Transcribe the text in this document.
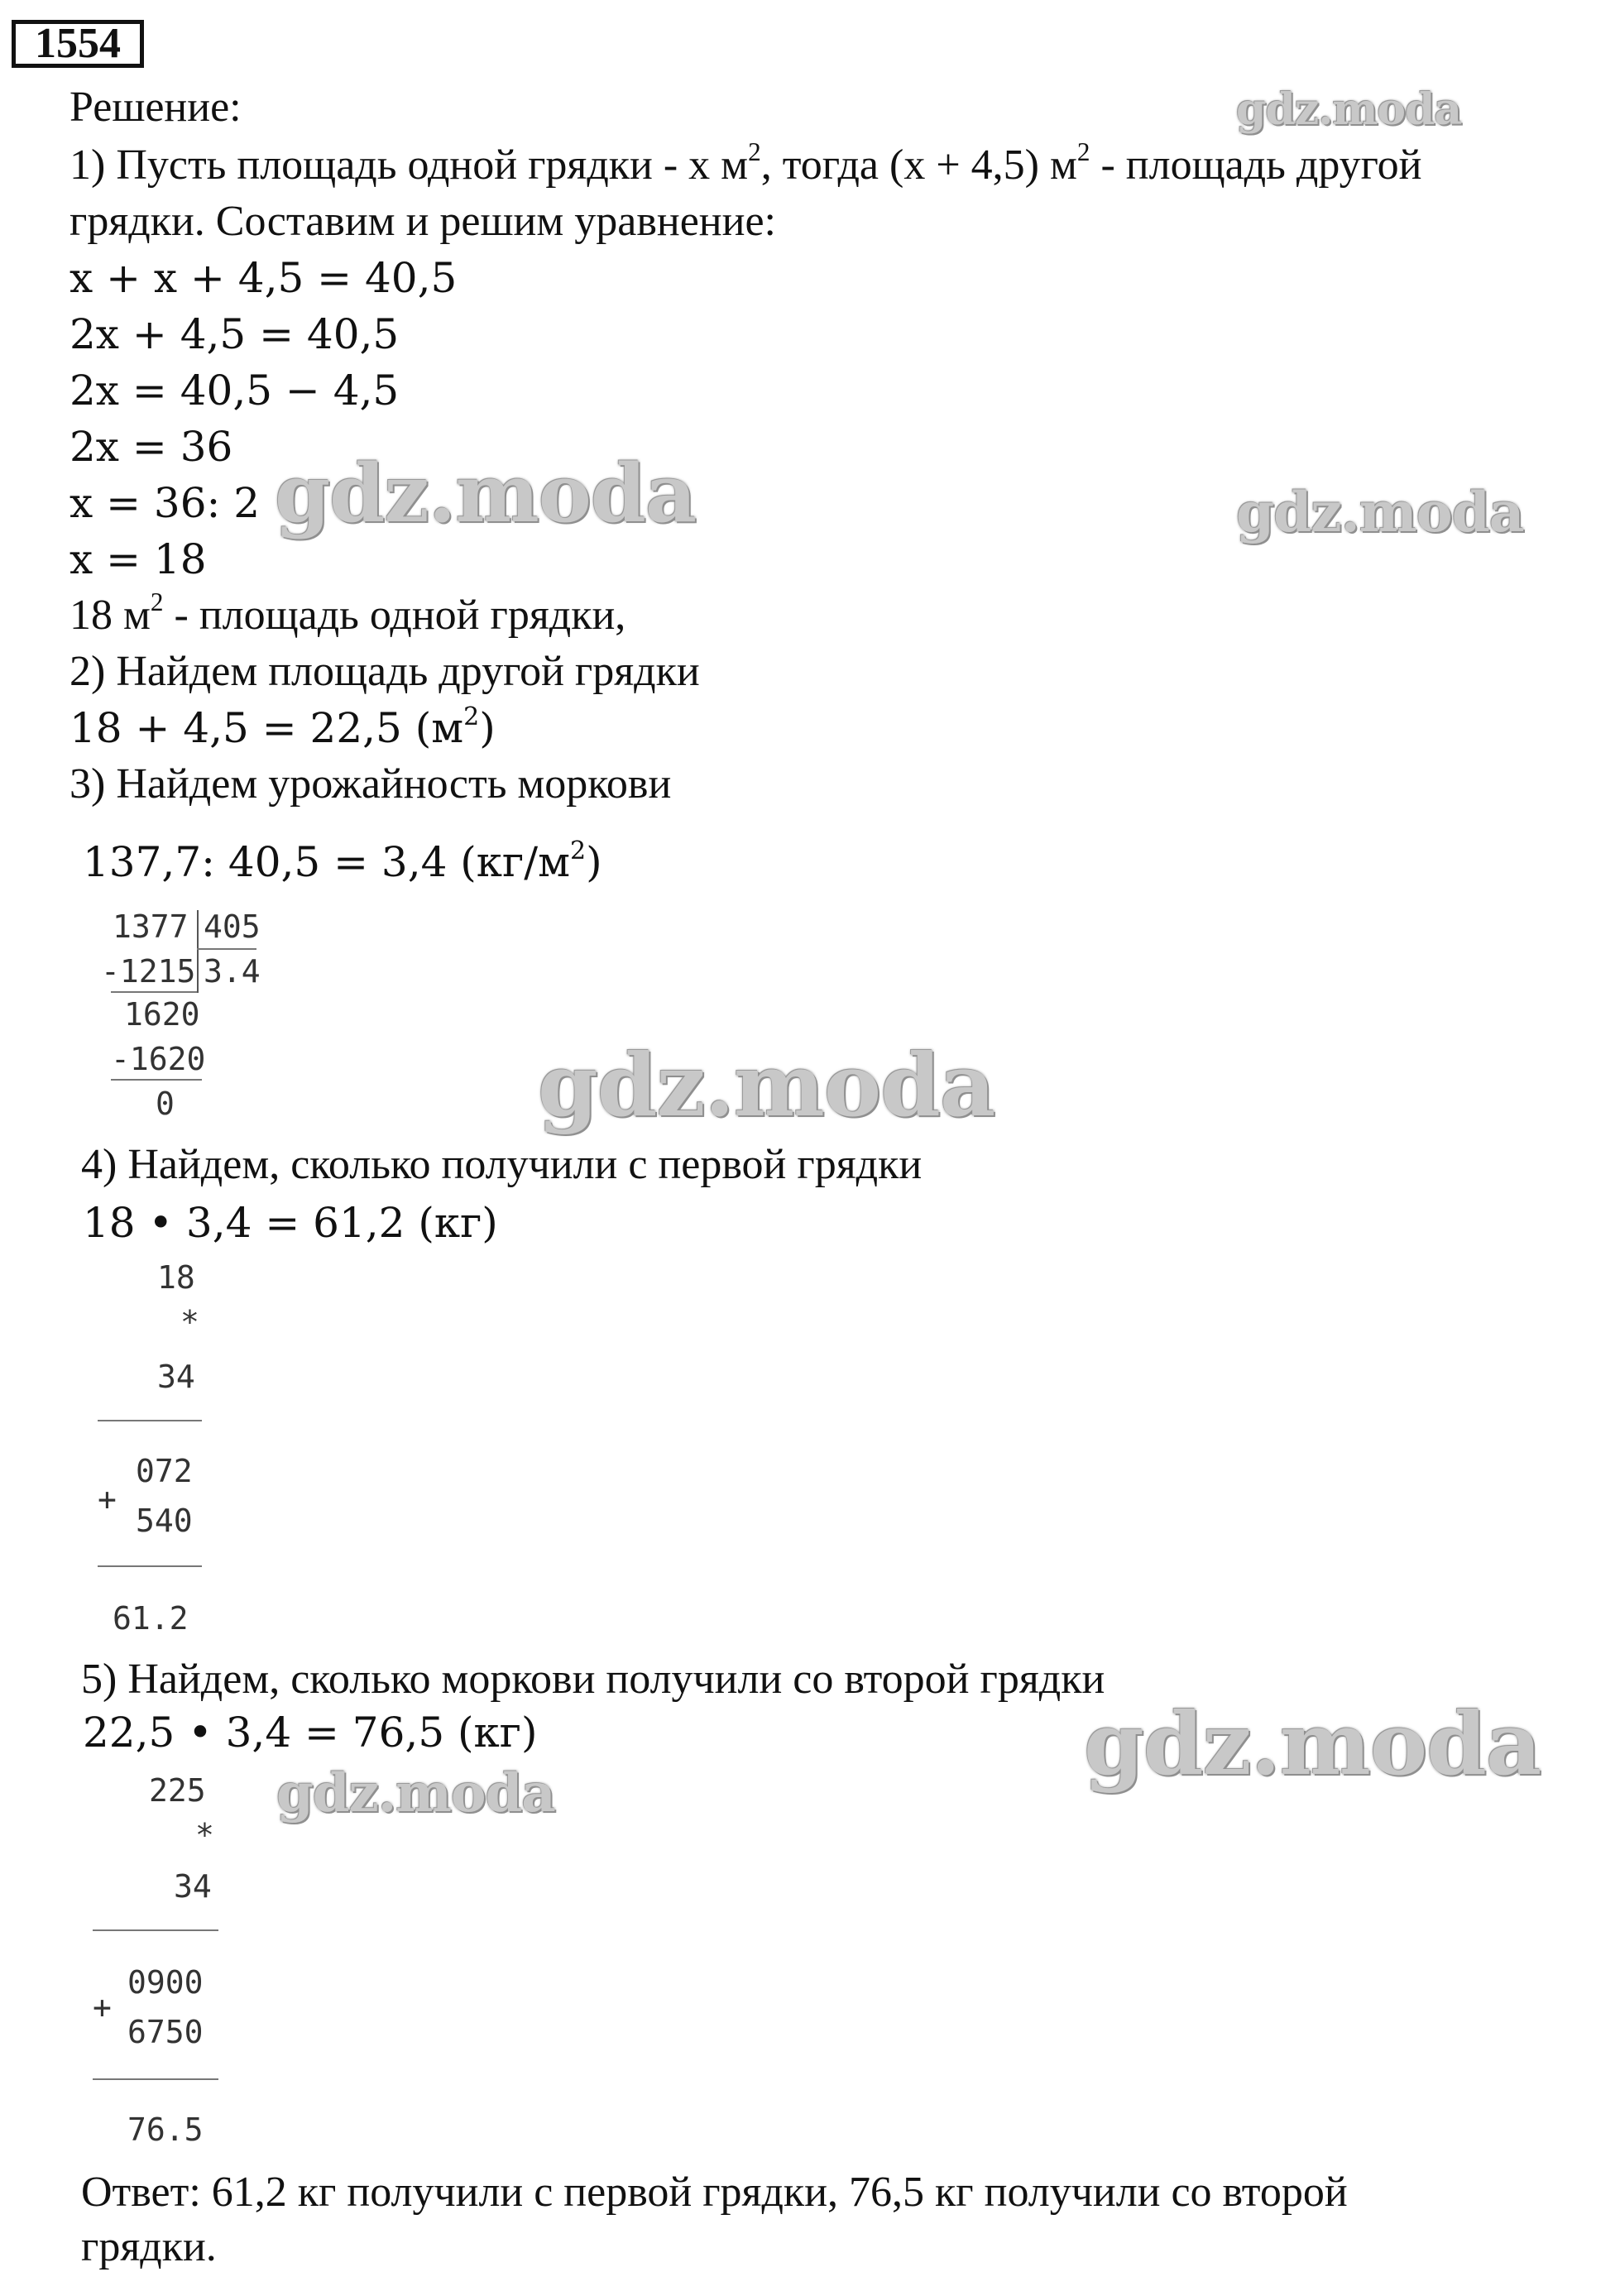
1554
Решение:
1) Пусть площадь одной грядки - x $м^2$, тогда (x + 4,5) $м^2$ - площадь другой
грядки. Составим и решим уравнение:
x + x + 4,5 = 40,5
2x + 4,5 = 40,5
2x = 40,5 − 4,5
2x = 36
x = 36: 2
x = 18
18 $м^2$ - площадь одной грядки,
2) Найдем площадь другой грядки
18 + 4,5 = 22,5 $(м^2)$
3) Найдем урожайность моркови
137,7: 40,5 = 3,4 $(кг/м^2)$
1377 405
-1215 3.4
1620
-1620
0
4) Найдем, сколько получили с первой грядки
18 • 3,4 = 61,2 (кг)
18
*
34
072
+
540
61.2
5) Найдем, сколько моркови получили со второй грядки
22,5 • 3,4 = 76,5 (кг)
225
*
34
0900
+
6750
76.5
Ответ: 61,2 кг получили с первой грядки, 76,5 кг получили со второй
грядки.
gdz.moda
gdz.moda	gdz.moda
gdz.moda
gdz.moda
gdz.moda
